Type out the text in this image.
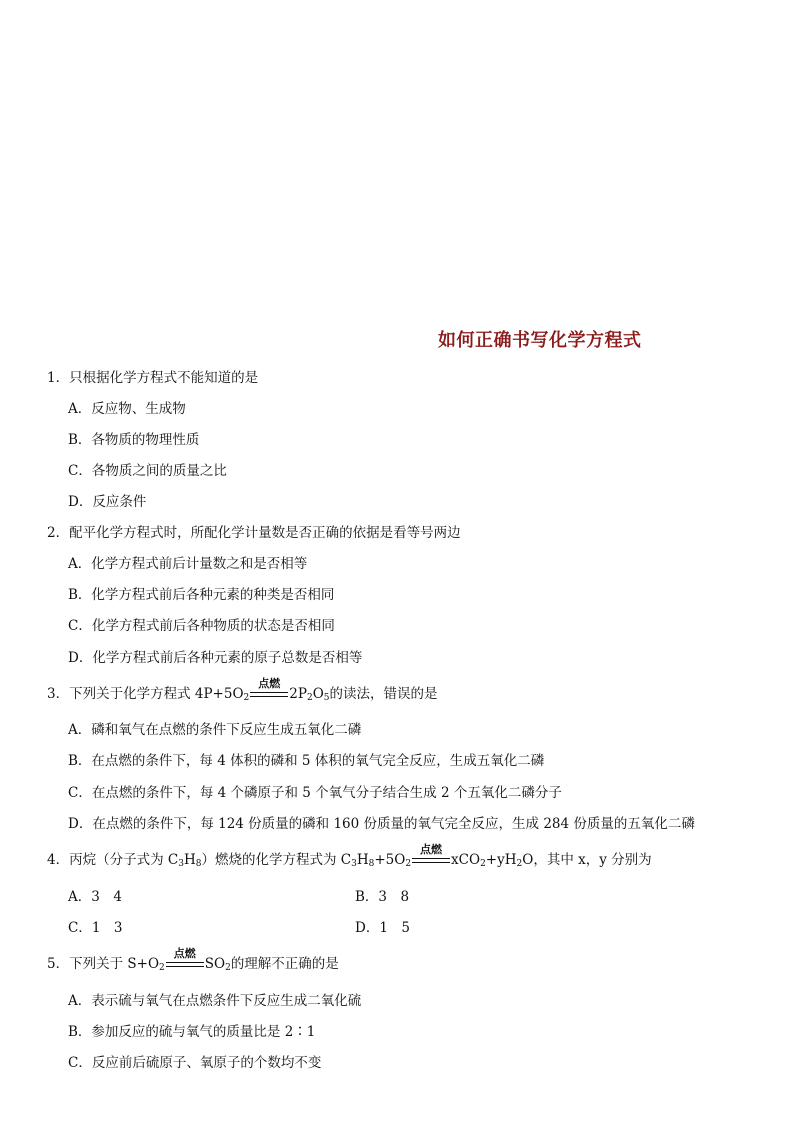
如何正确书写化学方程式
1．只根据化学方程式不能知道的是
A．反应物、生成物
B．各物质的物理性质
C．各物质之间的质量之比
D．反应条件
2．配平化学方程式时，所配化学计量数是否正确的依据是看等号两边
A．化学方程式前后计量数之和是否相等
B．化学方程式前后各种元素的种类是否相同
C．化学方程式前后各种物质的状态是否相同
D．化学方程式前后各种元素的原子总数是否相等
3．下列关于化学方程式 $4P+5O_2$
点燃
$2P_2O_5$的读法，错误的是
A．磷和氧气在点燃的条件下反应生成五氧化二磷
B．在点燃的条件下，每 4 体积的磷和 5 体积的氧气完全反应，生成五氧化二磷
C．在点燃的条件下，每 4 个磷原子和 5 个氧气分子结合生成 2 个五氧化二磷分子
D．在点燃的条件下，每 124 份质量的磷和 160 份质量的氧气完全反应，生成 284 份质量的五氧化二磷
4．丙烷（分子式为 $C_3H_8$）燃烧的化学方程式为 $C_3H_8+5O_2$
点燃
$xCO_2+yH_2O$，其中 x，y 分别为
A．3　4	B．3　8
C．1　3	D．1　5
5．下列关于 $S+O_2$
点燃
$SO_2$的理解不正确的是
A．表示硫与氧气在点燃条件下反应生成二氧化硫
B．参加反应的硫与氧气的质量比是 2∶1
C．反应前后硫原子、氧原子的个数均不变
